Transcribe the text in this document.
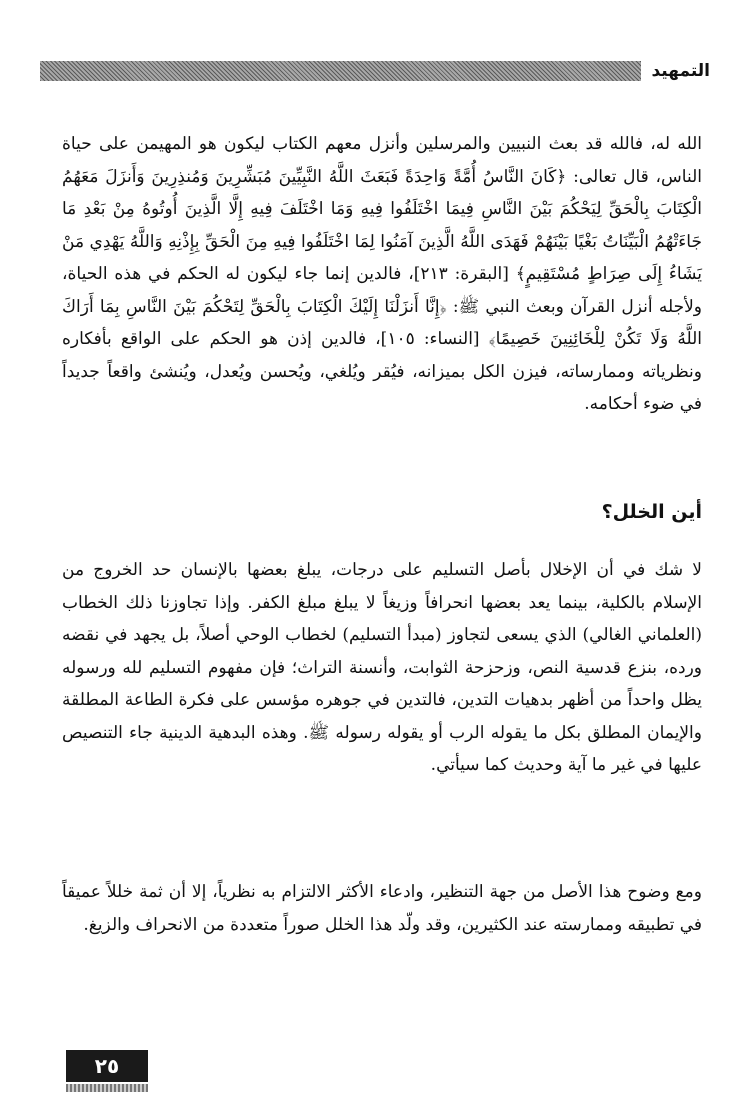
التمهيد

الله له، فالله قد بعث النبيين والمرسلين وأنزل معهم الكتاب ليكون هو المهيمن على حياة الناس، قال تعالى: ﴿كَانَ النَّاسُ أُمَّةً وَاحِدَةً فَبَعَثَ اللَّهُ النَّبِيِّينَ مُبَشِّرِينَ وَمُنذِرِينَ وَأَنزَلَ مَعَهُمُ الْكِتَابَ بِالْحَقِّ لِيَحْكُمَ بَيْنَ النَّاسِ فِيمَا اخْتَلَفُوا فِيهِ وَمَا اخْتَلَفَ فِيهِ إِلَّا الَّذِينَ أُوتُوهُ مِنْ بَعْدِ مَا جَاءَتْهُمُ الْبَيِّنَاتُ بَغْيًا بَيْنَهُمْ فَهَدَى اللَّهُ الَّذِينَ آمَنُوا لِمَا اخْتَلَفُوا فِيهِ مِنَ الْحَقِّ بِإِذْنِهِ وَاللَّهُ يَهْدِي مَنْ يَشَاءُ إِلَى صِرَاطٍ مُسْتَقِيمٍ﴾ [البقرة: ٢١٣]، فالدين إنما جاء ليكون له الحكم في هذه الحياة، ولأجله أنزل القرآن وبعث النبي ﷺ: ﴿إِنَّا أَنزَلْنَا إِلَيْكَ الْكِتَابَ بِالْحَقِّ لِتَحْكُمَ بَيْنَ النَّاسِ بِمَا أَرَاكَ اللَّهُ وَلَا تَكُنْ لِلْخَائِنِينَ خَصِيمًا﴾ [النساء: ١٠٥]، فالدين إذن هو الحكم على الواقع بأفكاره ونظرياته وممارساته، فيزن الكل بميزانه، فيُقر ويُلغي، ويُحسن ويُعدل، ويُنشئ واقعاً جديداً في ضوء أحكامه.

أين الخلل؟

لا شك في أن الإخلال بأصل التسليم على درجات، يبلغ بعضها بالإنسان حد الخروج من الإسلام بالكلية، بينما يعد بعضها انحرافاً وزيغاً لا يبلغ مبلغ الكفر. وإذا تجاوزنا ذلك الخطاب (العلماني الغالي) الذي يسعى لتجاوز (مبدأ التسليم) لخطاب الوحي أصلاً، بل يجهد في نقضه ورده، بنزع قدسية النص، وزحزحة الثوابت، وأنسنة التراث؛ فإن مفهوم التسليم لله ورسوله يظل واحداً من أظهر بدهيات التدين، فالتدين في جوهره مؤسس على فكرة الطاعة المطلقة والإيمان المطلق بكل ما يقوله الرب أو يقوله رسوله ﷺ. وهذه البدهية الدينية جاء التنصيص عليها في غير ما آية وحديث كما سيأتي.

ومع وضوح هذا الأصل من جهة التنظير، وادعاء الأكثر الالتزام به نظرياً، إلا أن ثمة خللاً عميقاً في تطبيقه وممارسته عند الكثيرين، وقد ولّد هذا الخلل صوراً متعددة من الانحراف والزيغ.

٢٥
